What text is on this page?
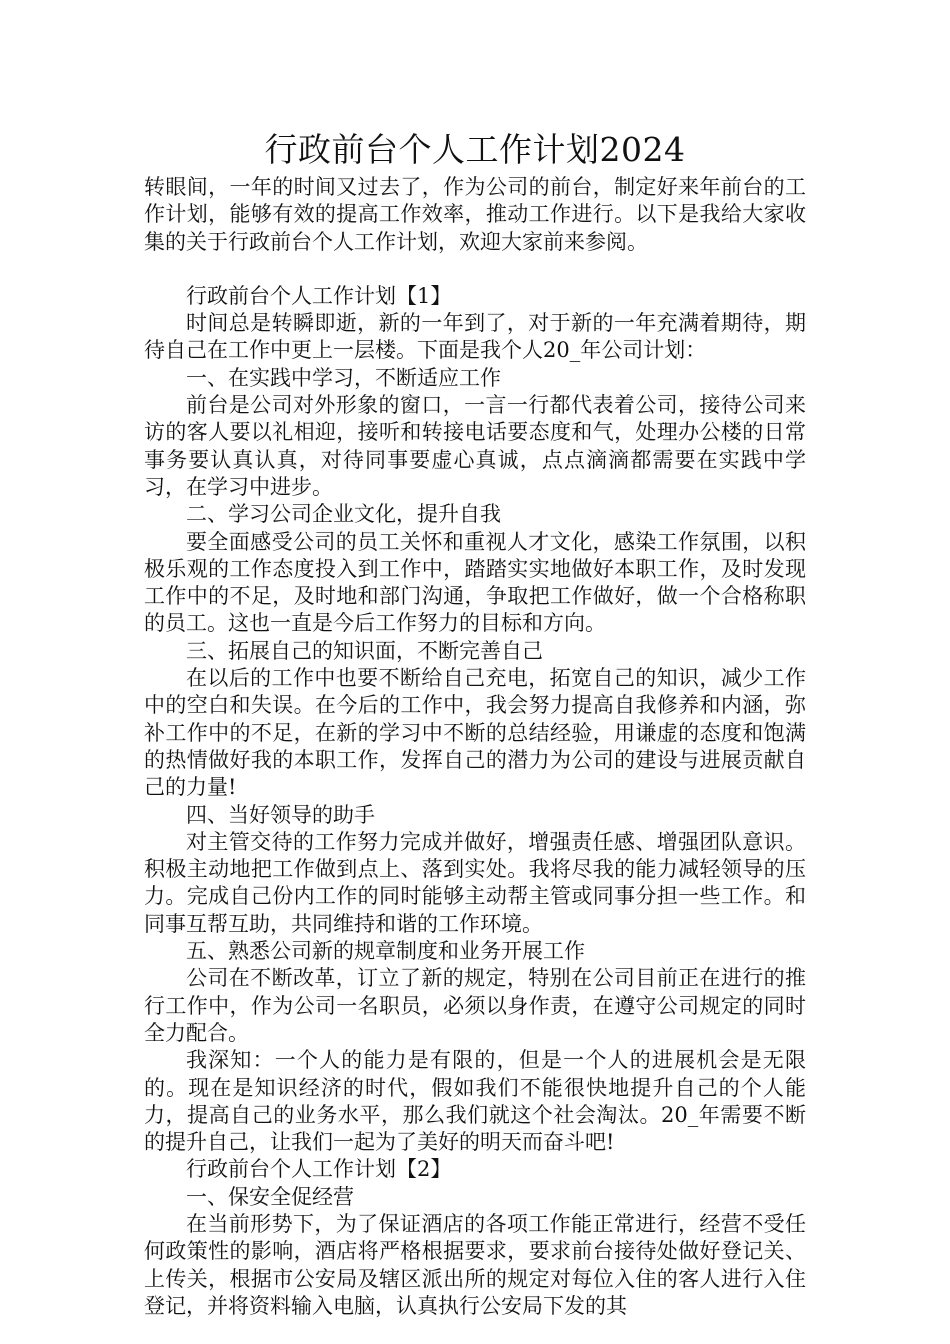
行政前台个人工作计划2024

转眼间，一年的时间又过去了，作为公司的前台，制定好来年前台的工作计划，能够有效的提高工作效率，推动工作进行。以下是我给大家收集的关于行政前台个人工作计划，欢迎大家前来参阅。

行政前台个人工作计划【1】

时间总是转瞬即逝，新的一年到了，对于新的一年充满着期待，期待自己在工作中更上一层楼。下面是我个人20_年公司计划：

一、在实践中学习，不断适应工作

前台是公司对外形象的窗口，一言一行都代表着公司，接待公司来访的客人要以礼相迎，接听和转接电话要态度和气，处理办公楼的日常事务要认真认真，对待同事要虚心真诚，点点滴滴都需要在实践中学习，在学习中进步。

二、学习公司企业文化，提升自我

要全面感受公司的员工关怀和重视人才文化，感染工作氛围，以积极乐观的工作态度投入到工作中，踏踏实实地做好本职工作，及时发现工作中的不足，及时地和部门沟通，争取把工作做好，做一个合格称职的员工。这也一直是今后工作努力的目标和方向。

三、拓展自己的知识面，不断完善自己

在以后的工作中也要不断给自己充电，拓宽自己的知识，减少工作中的空白和失误。在今后的工作中，我会努力提高自我修养和内涵，弥补工作中的不足，在新的学习中不断的总结经验，用谦虚的态度和饱满的热情做好我的本职工作，发挥自己的潜力为公司的建设与进展贡献自己的力量!

四、当好领导的助手

对主管交待的工作努力完成并做好，增强责任感、增强团队意识。积极主动地把工作做到点上、落到实处。我将尽我的能力减轻领导的压力。完成自己份内工作的同时能够主动帮主管或同事分担一些工作。和同事互帮互助，共同维持和谐的工作环境。

五、熟悉公司新的规章制度和业务开展工作

公司在不断改革，订立了新的规定，特别在公司目前正在进行的推行工作中，作为公司一名职员，必须以身作责，在遵守公司规定的同时全力配合。

我深知：一个人的能力是有限的，但是一个人的进展机会是无限的。现在是知识经济的时代，假如我们不能很快地提升自己的个人能力，提高自己的业务水平，那么我们就这个社会淘汰。20_年需要不断的提升自己，让我们一起为了美好的明天而奋斗吧!

行政前台个人工作计划【2】

一、保安全促经营

在当前形势下，为了保证酒店的各项工作能正常进行，经营不受任何政策性的影响，酒店将严格根据要求，要求前台接待处做好登记关、上传关，根据市公安局及辖区派出所的规定对每位入住的客人进行入住登记，并将资料输入电脑，认真执行公安局下发的其
